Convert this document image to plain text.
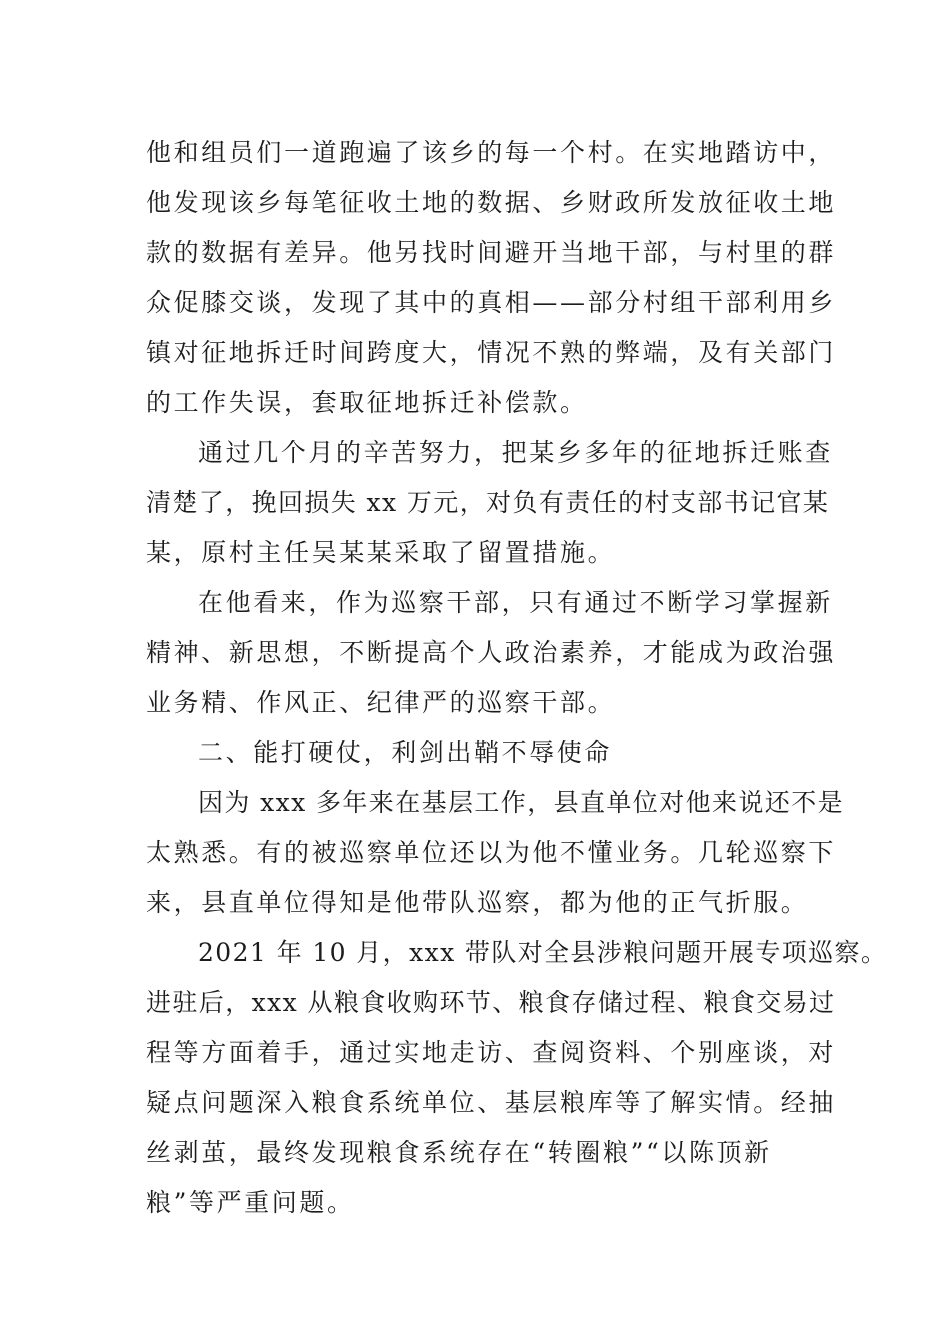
他和组员们一道跑遍了该乡的每一个村。在实地踏访中，
他发现该乡每笔征收土地的数据、乡财政所发放征收土地
款的数据有差异。他另找时间避开当地干部，与村里的群
众促膝交谈，发现了其中的真相——部分村组干部利用乡
镇对征地拆迁时间跨度大，情况不熟的弊端，及有关部门
的工作失误，套取征地拆迁补偿款。
通过几个月的辛苦努力，把某乡多年的征地拆迁账查
清楚了，挽回损失 xx 万元，对负有责任的村支部书记官某
某，原村主任吴某某采取了留置措施。
在他看来，作为巡察干部，只有通过不断学习掌握新
精神、新思想，不断提高个人政治素养，才能成为政治强
业务精、作风正、纪律严的巡察干部。
二、能打硬仗，利剑出鞘不辱使命
因为 xxx 多年来在基层工作，县直单位对他来说还不是
太熟悉。有的被巡察单位还以为他不懂业务。几轮巡察下
来，县直单位得知是他带队巡察，都为他的正气折服。
2021 年 10 月，xxx 带队对全县涉粮问题开展专项巡察。
进驻后，xxx 从粮食收购环节、粮食存储过程、粮食交易过
程等方面着手，通过实地走访、查阅资料、个别座谈，对
疑点问题深入粮食系统单位、基层粮库等了解实情。经抽
丝剥茧，最终发现粮食系统存在“转圈粮”“以陈顶新
粮”等严重问题。
